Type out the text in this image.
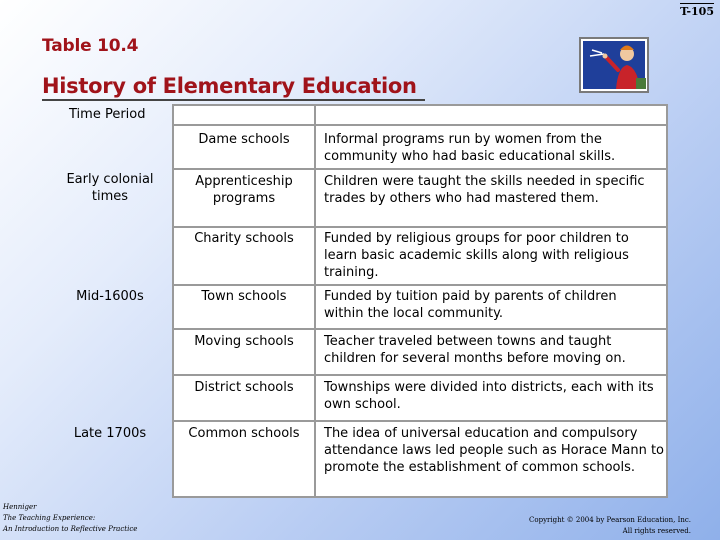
T-105
Table 10.4
History of Elementary Education
Time Period
Early colonial times
Mid-1600s
Late 1700s
Dame schools
Apprenticeship programs
Charity schools
Town schools
Moving schools
District schools
Common schools
Informal programs run by women from the community who had basic educational skills.
Children were taught the skills needed in specific trades by others who had mastered them.
Funded by religious groups for poor children to learn basic academic skills along with religious training.
Funded by tuition paid by parents of children within the local community.
Teacher traveled between towns and taught children for several months before moving on.
Townships were divided into districts, each with its own school.
The idea of universal education and compulsory attendance laws led people such as Horace Mann to promote the establishment of common schools.
Henniger
The Teaching Experience:
An Introduction to Reflective Practice
Copyright © 2004 by Pearson Education, Inc.
All rights reserved.
